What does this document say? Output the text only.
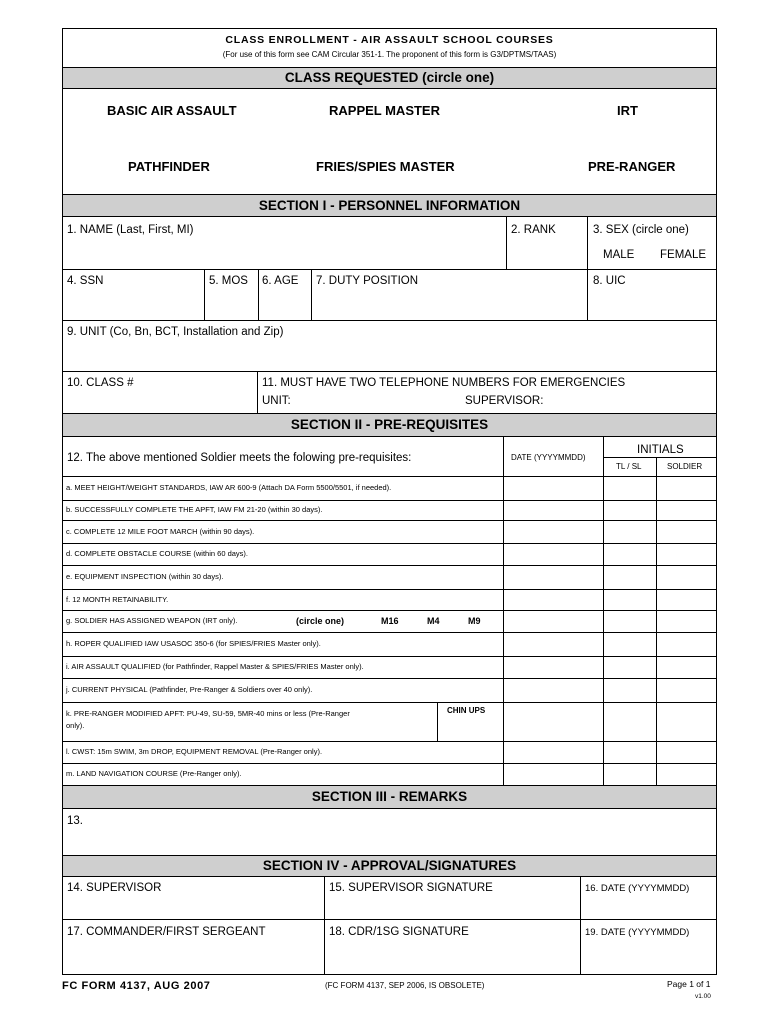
CLASS ENROLLMENT - AIR ASSAULT SCHOOL COURSES
(For use of this form see CAM Circular 351-1. The proponent of this form is G3/DPTMS/TAAS)
CLASS REQUESTED (circle one)
BASIC AIR ASSAULT	RAPPEL MASTER	IRT
PATHFINDER	FRIES/SPIES MASTER	PRE-RANGER
SECTION I - PERSONNEL INFORMATION
1. NAME (Last, First, MI)	2. RANK	3. SEX (circle one)
MALE FEMALE
4. SSN	5. MOS 6. AGE 7. DUTY POSITION	8. UIC
9. UNIT (Co, Bn, BCT, Installation and Zip)
10. CLASS #	11. MUST HAVE TWO TELEPHONE NUMBERS FOR EMERGENCIES
UNIT:	SUPERVISOR:
SECTION II - PRE-REQUISITES
12. The above mentioned Soldier meets the folowing pre-requisites:	DATE (YYYYMMDD)
INITIALS
TL / SL	SOLDIER
a. MEET HEIGHT/WEIGHT STANDARDS, IAW AR 600-9 (Attach DA Form 5500/5501, if needed).
b. SUCCESSFULLY COMPLETE THE APFT, IAW FM 21-20 (within 30 days).
c. COMPLETE 12 MILE FOOT MARCH (within 90 days).
d. COMPLETE OBSTACLE COURSE (within 60 days).
e. EQUIPMENT INSPECTION (within 30 days).
f. 12 MONTH RETAINABILITY.
g. SOLDIER HAS ASSIGNED WEAPON (IRT only).	(circle one)	M16	M4	M9
h. ROPER QUALIFIED IAW USASOC 350-6 (for SPIES/FRIES Master only).
i. AIR ASSAULT QUALIFIED (for Pathfinder, Rappel Master & SPIES/FRIES Master only).
j. CURRENT PHYSICAL (Pathfinder, Pre-Ranger & Soldiers over 40 only).
k. PRE-RANGER MODIFIED APFT: PU-49, SU-59, 5MR-40 mins or less (Pre-Ranger
only).
CHIN UPS
l. CWST: 15m SWIM, 3m DROP, EQUIPMENT REMOVAL (Pre-Ranger only).
m. LAND NAVIGATION COURSE (Pre-Ranger only).
SECTION III - REMARKS
13.
SECTION IV - APPROVAL/SIGNATURES
14. SUPERVISOR	15. SUPERVISOR SIGNATURE	16. DATE (YYYYMMDD)
17. COMMANDER/FIRST SERGEANT	18. CDR/1SG SIGNATURE	19. DATE (YYYYMMDD)
FC FORM 4137, AUG 2007	(FC FORM 4137, SEP 2006, IS OBSOLETE)	Page 1 of 1
v1.00
